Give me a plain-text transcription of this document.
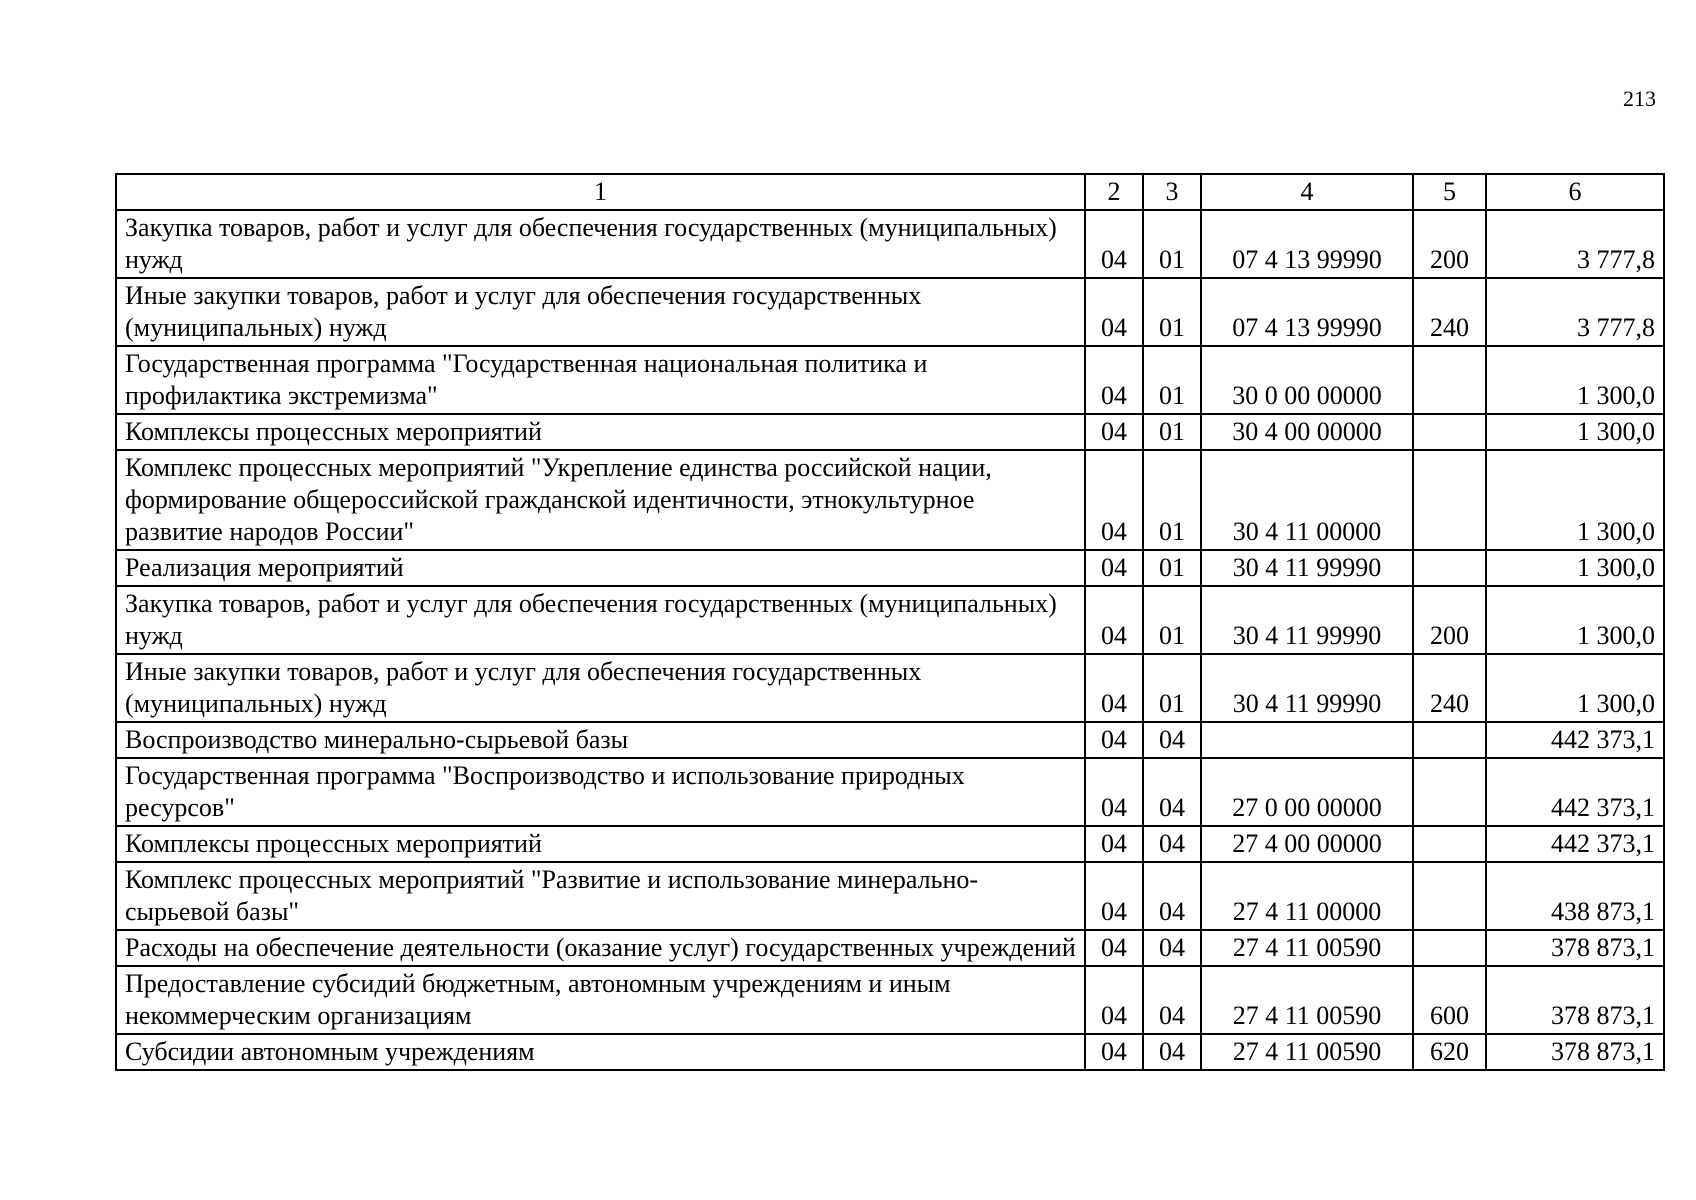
213
1	2	3	4	5	6
Закупка товаров, работ и услуг для обеспечения государственных (муниципальных) нужд	04	01	07 4 13 99990	200	3 777,8
Иные закупки товаров, работ и услуг для обеспечения государственных (муниципальных) нужд	04	01	07 4 13 99990	240	3 777,8
Государственная программа "Государственная национальная политика и профилактика экстремизма"	04	01	30 0 00 00000		1 300,0
Комплексы процессных мероприятий	04	01	30 4 00 00000		1 300,0
Комплекс процессных мероприятий "Укрепление единства российской нации, формирование общероссийской гражданской идентичности, этнокультурное развитие народов России"	04	01	30 4 11 00000		1 300,0
Реализация мероприятий	04	01	30 4 11 99990		1 300,0
Закупка товаров, работ и услуг для обеспечения государственных (муниципальных) нужд	04	01	30 4 11 99990	200	1 300,0
Иные закупки товаров, работ и услуг для обеспечения государственных (муниципальных) нужд	04	01	30 4 11 99990	240	1 300,0
Воспроизводство минерально-сырьевой базы	04	04			442 373,1
Государственная программа "Воспроизводство и использование природных ресурсов"	04	04	27 0 00 00000		442 373,1
Комплексы процессных мероприятий	04	04	27 4 00 00000		442 373,1
Комплекс процессных мероприятий "Развитие и использование минерально-сырьевой базы"	04	04	27 4 11 00000		438 873,1
Расходы на обеспечение деятельности (оказание услуг) государственных учреждений	04	04	27 4 11 00590		378 873,1
Предоставление субсидий бюджетным, автономным учреждениям и иным некоммерческим организациям	04	04	27 4 11 00590	600	378 873,1
Субсидии автономным учреждениям	04	04	27 4 11 00590	620	378 873,1
